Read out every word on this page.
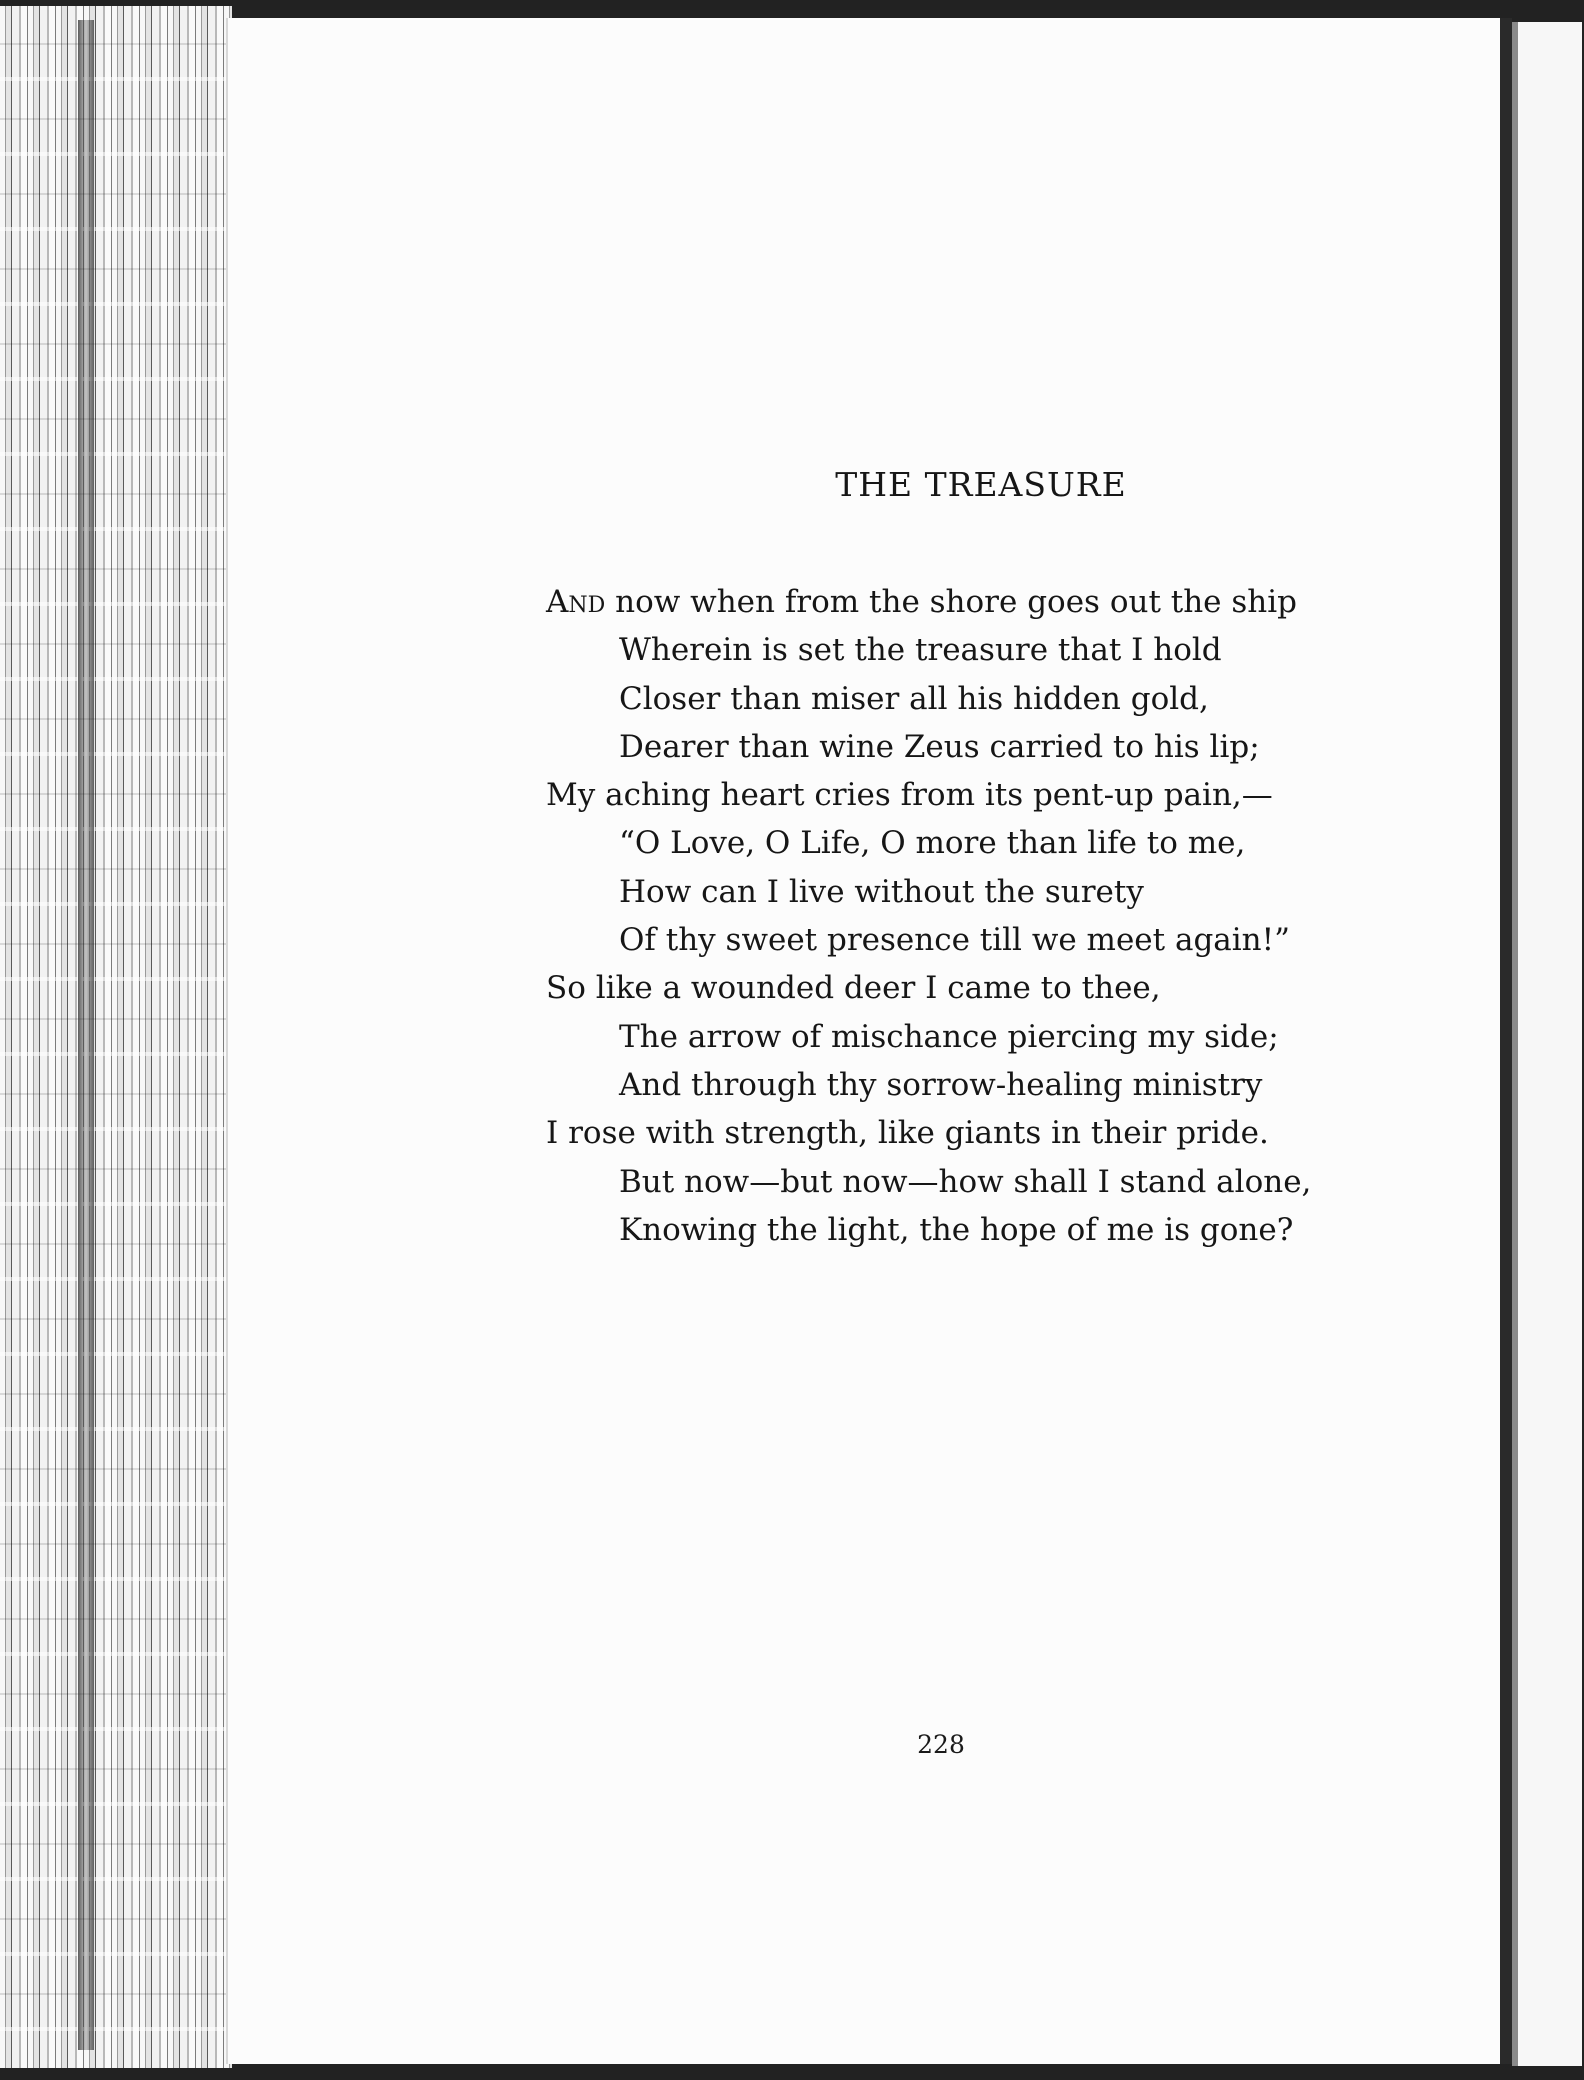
THE TREASURE
And now when from the shore goes out the ship
Wherein is set the treasure that I hold
Closer than miser all his hidden gold,
Dearer than wine Zeus carried to his lip;
My aching heart cries from its pent-up pain,—
“O Love, O Life, O more than life to me,
How can I live without the surety
Of thy sweet presence till we meet again!”
So like a wounded deer I came to thee,
The arrow of mischance piercing my side;
And through thy sorrow-healing ministry
I rose with strength, like giants in their pride.
But now—but now—how shall I stand alone,
Knowing the light, the hope of me is gone?
228
